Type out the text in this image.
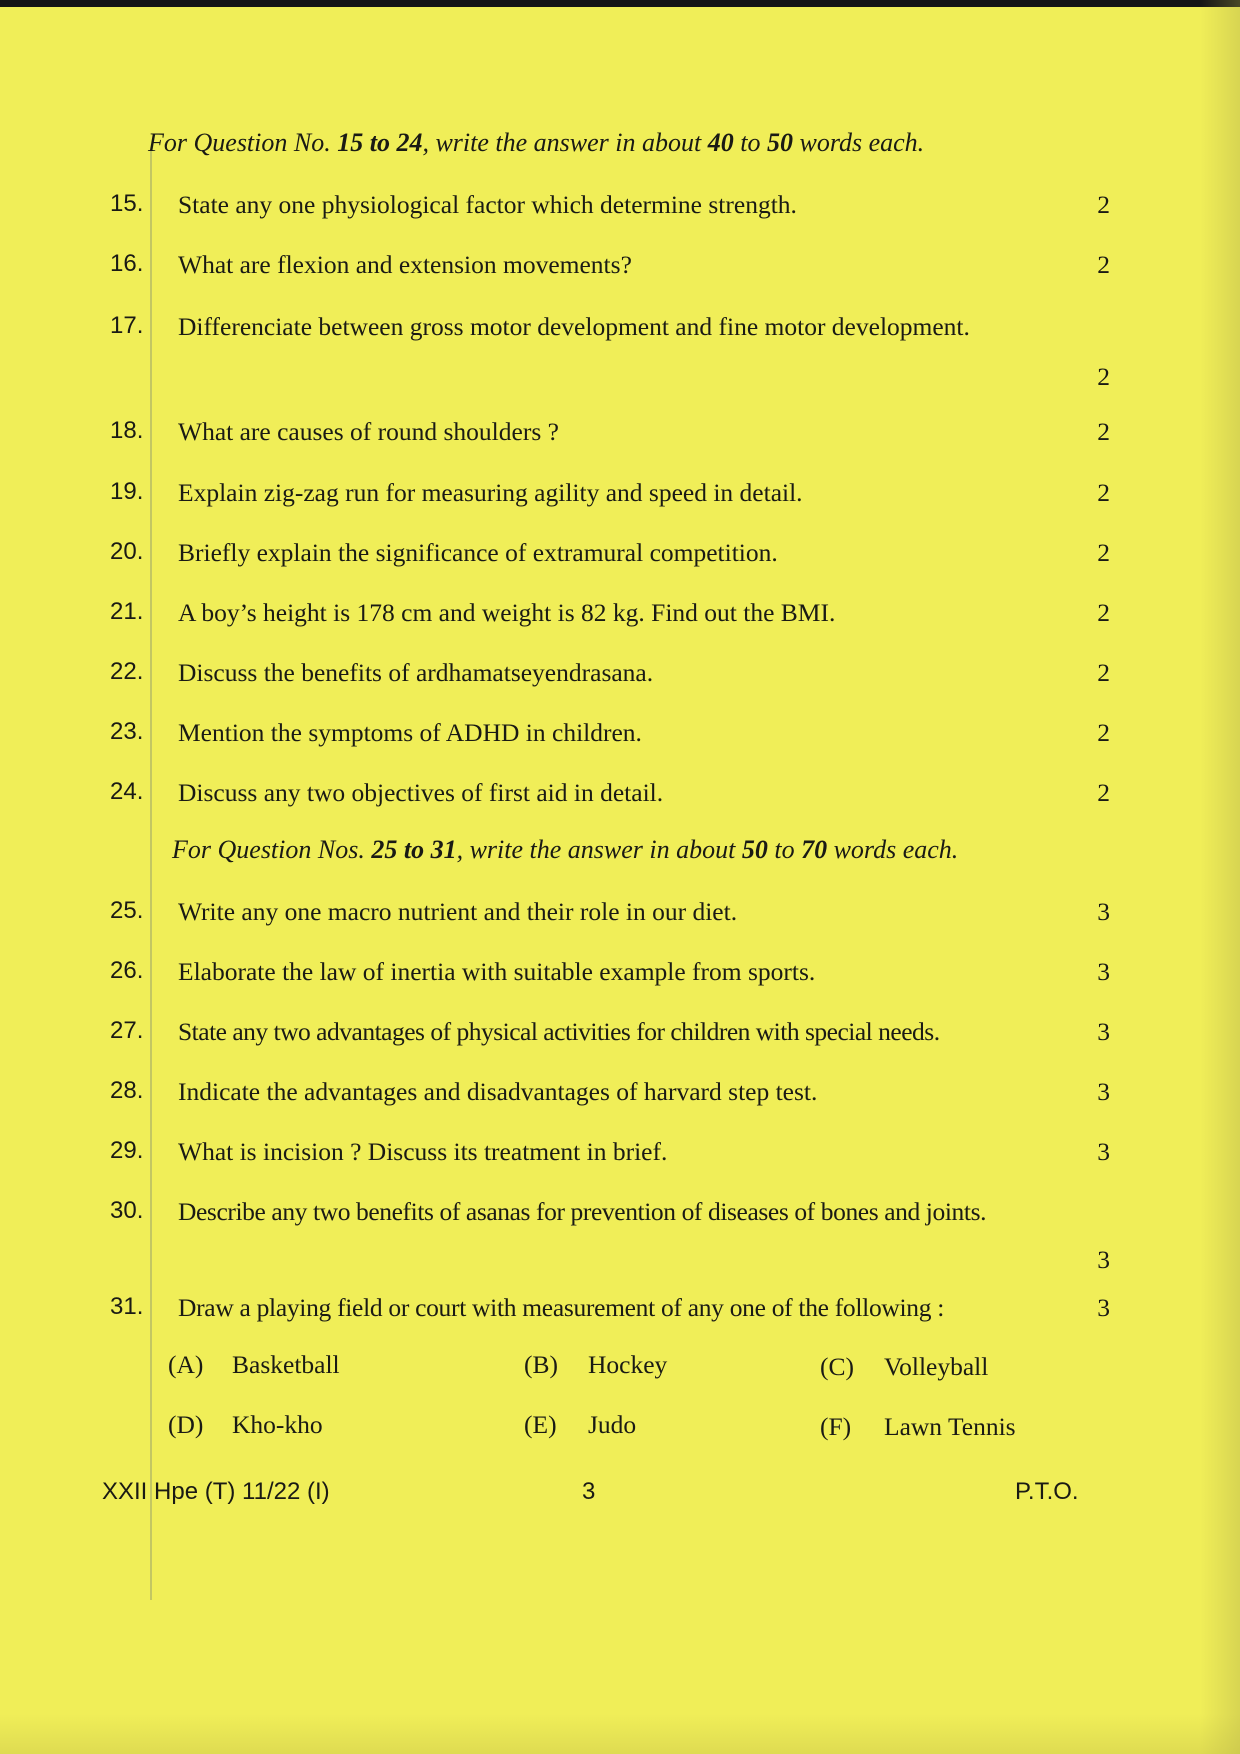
For Question No. 15 to 24, write the answer in about 40 to 50 words each.
15. State any one physiological factor which determine strength.	2
16. What are flexion and extension movements?	2
17. Differenciate between gross motor development and fine motor development.
2
18. What are causes of round shoulders ?	2
19. Explain zig-zag run for measuring agility and speed in detail.	2
20. Briefly explain the significance of extramural competition.	2
21. A boy’s height is 178 cm and weight is 82 kg. Find out the BMI.	2
22. Discuss the benefits of ardhamatseyendrasana.	2
23. Mention the symptoms of ADHD in children.	2
24. Discuss any two objectives of first aid in detail.	2
For Question Nos. 25 to 31, write the answer in about 50 to 70 words each.
25. Write any one macro nutrient and their role in our diet.	3
26. Elaborate the law of inertia with suitable example from sports.	3
27. State any two advantages of physical activities for children with special needs.	3
28. Indicate the advantages and disadvantages of harvard step test.	3
29. What is incision ? Discuss its treatment in brief.	3
30. Describe any two benefits of asanas for prevention of diseases of bones and joints.
3
31. Draw a playing field or court with measurement of any one of the following :	3
(A) Basketball	(B) Hockey	(C) Volleyball
(D) Kho-kho	(E) Judo	(F) Lawn Tennis
XXII Hpe (T) 11/22 (I)	3	P.T.O.
